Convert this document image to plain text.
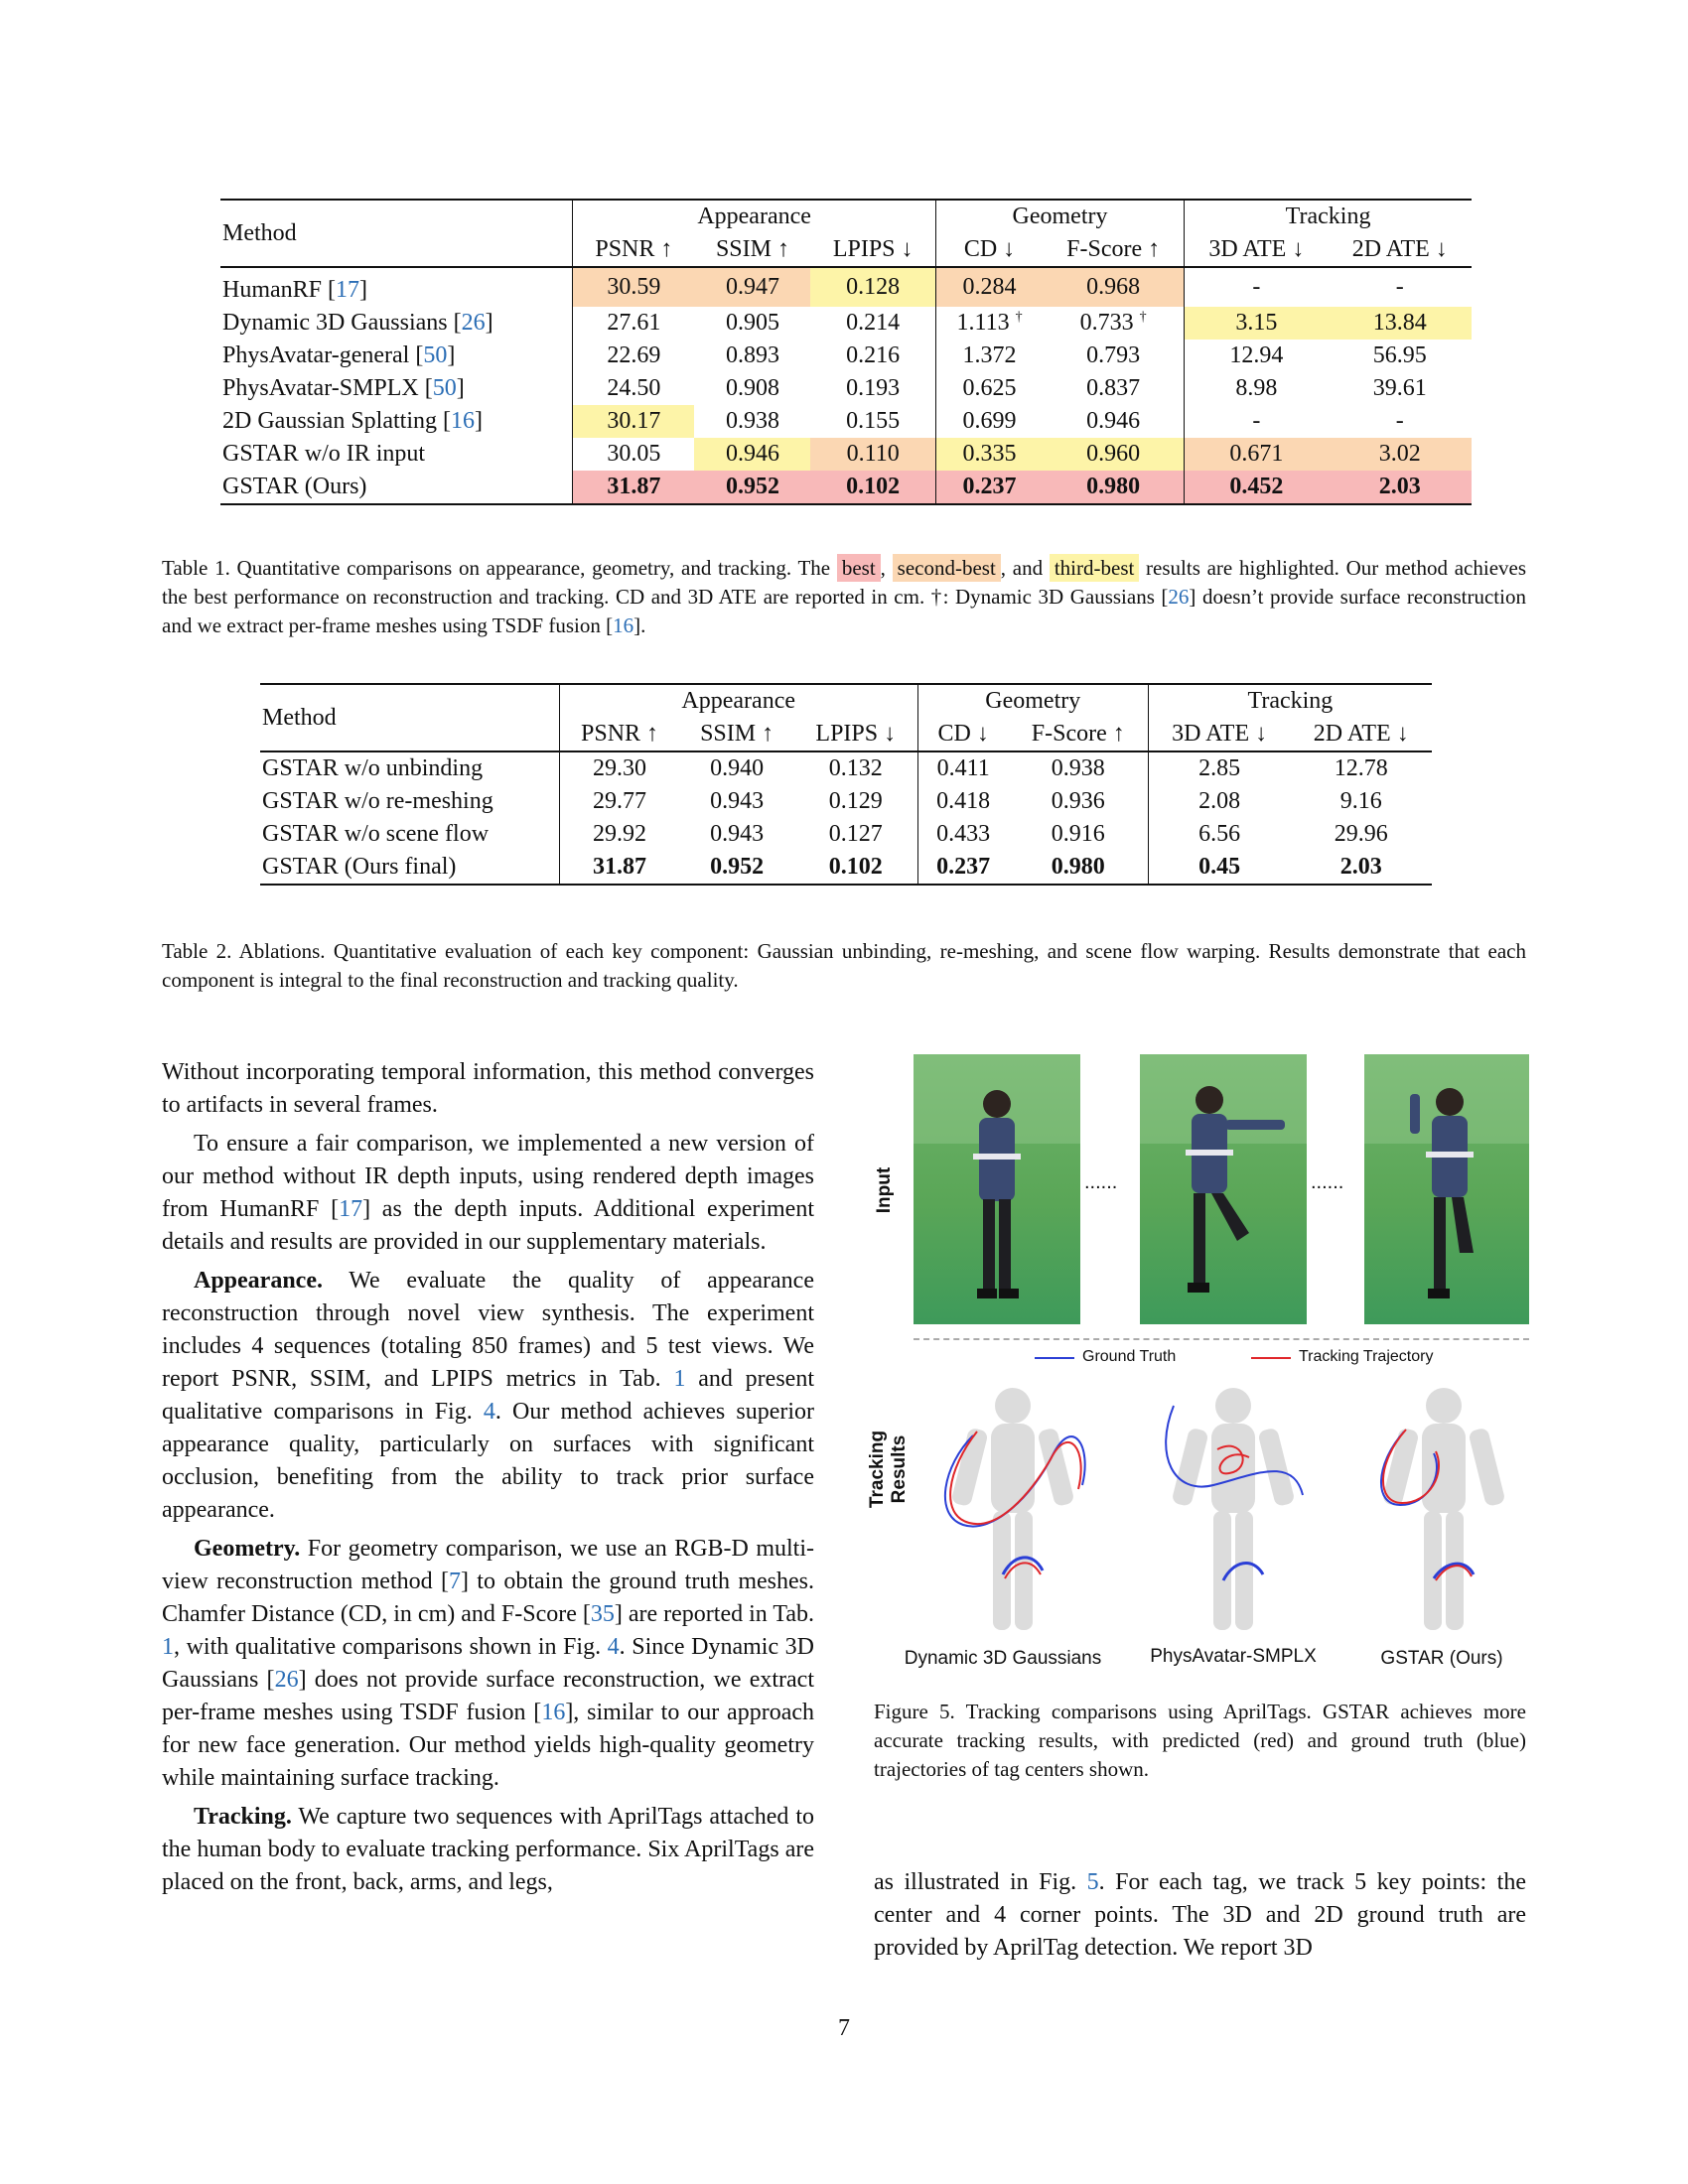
Method	Appearance			Geometry		Tracking	
	PSNR ↑	SSIM ↑	LPIPS ↓	CD ↓	F-Score ↑	3D ATE ↓	2D ATE ↓
HumanRF [17]	30.59	0.947	0.128	0.284	0.968	-	-
Dynamic 3D Gaussians [26]	27.61	0.905	0.214	1.113 †	0.733 †	3.15	13.84
PhysAvatar-general [50]	22.69	0.893	0.216	1.372	0.793	12.94	56.95
PhysAvatar-SMPLX [50]	24.50	0.908	0.193	0.625	0.837	8.98	39.61
2D Gaussian Splatting [16]	30.17	0.938	0.155	0.699	0.946	-	-
GSTAR w/o IR input	30.05	0.946	0.110	0.335	0.960	0.671	3.02
GSTAR (Ours)	31.87	0.952	0.102	0.237	0.980	0.452	2.03
Table 1. Quantitative comparisons on appearance, geometry, and tracking. The best , second-best , and third-best results are highlighted. Our method achieves the best performance on reconstruction and tracking. CD and 3D ATE are reported in cm. †: Dynamic 3D Gaussians [26] doesn’t provide surface reconstruction and we extract per-frame meshes using TSDF fusion [16].
Method	Appearance			Geometry		Tracking	
	PSNR ↑	SSIM ↑	LPIPS ↓	CD ↓	F-Score ↑	3D ATE ↓	2D ATE ↓
GSTAR w/o unbinding	29.30	0.940	0.132	0.411	0.938	2.85	12.78
GSTAR w/o re-meshing	29.77	0.943	0.129	0.418	0.936	2.08	9.16
GSTAR w/o scene flow	29.92	0.943	0.127	0.433	0.916	6.56	29.96
GSTAR (Ours final)	31.87	0.952	0.102	0.237	0.980	0.45	2.03
Table 2. Ablations. Quantitative evaluation of each key component: Gaussian unbinding, re-meshing, and scene flow warping. Results demonstrate that each component is integral to the final reconstruction and tracking quality.

Without incorporating temporal information, this method converges to artifacts in several frames.

To ensure a fair comparison, we implemented a new version of our method without IR depth inputs, using rendered depth images from HumanRF [17] as the depth inputs. Additional experiment details and results are provided in our supplementary materials.

Appearance. We evaluate the quality of appearance reconstruction through novel view synthesis. The experiment includes 4 sequences (totaling 850 frames) and 5 test views. We report PSNR, SSIM, and LPIPS metrics in Tab. 1 and present qualitative comparisons in Fig. 4. Our method achieves superior appearance quality, particularly on surfaces with significant occlusion, benefiting from the ability to track prior surface appearance.

Geometry. For geometry comparison, we use an RGB-D multi-view reconstruction method [7] to obtain the ground truth meshes. Chamfer Distance (CD, in cm) and F-Score [35] are reported in Tab. 1, with qualitative comparisons shown in Fig. 4. Since Dynamic 3D Gaussians [26] does not provide surface reconstruction, we extract per-frame meshes using TSDF fusion [16], similar to our approach for new face generation. Our method yields high-quality geometry while maintaining surface tracking.

Tracking. We capture two sequences with AprilTags attached to the human body to evaluate tracking performance. Six AprilTags are placed on the front, back, arms, and legs,

Input
Tracking Results
......	......
Ground Truth	Tracking Trajectory
Dynamic 3D Gaussians	PhysAvatar-SMPLX	GSTAR (Ours)
Figure 5. Tracking comparisons using AprilTags. GSTAR achieves more accurate tracking results, with predicted (red) and ground truth (blue) trajectories of tag centers shown.

as illustrated in Fig. 5. For each tag, we track 5 key points: the center and 4 corner points. The 3D and 2D ground truth are provided by AprilTag detection. We report 3D

7
